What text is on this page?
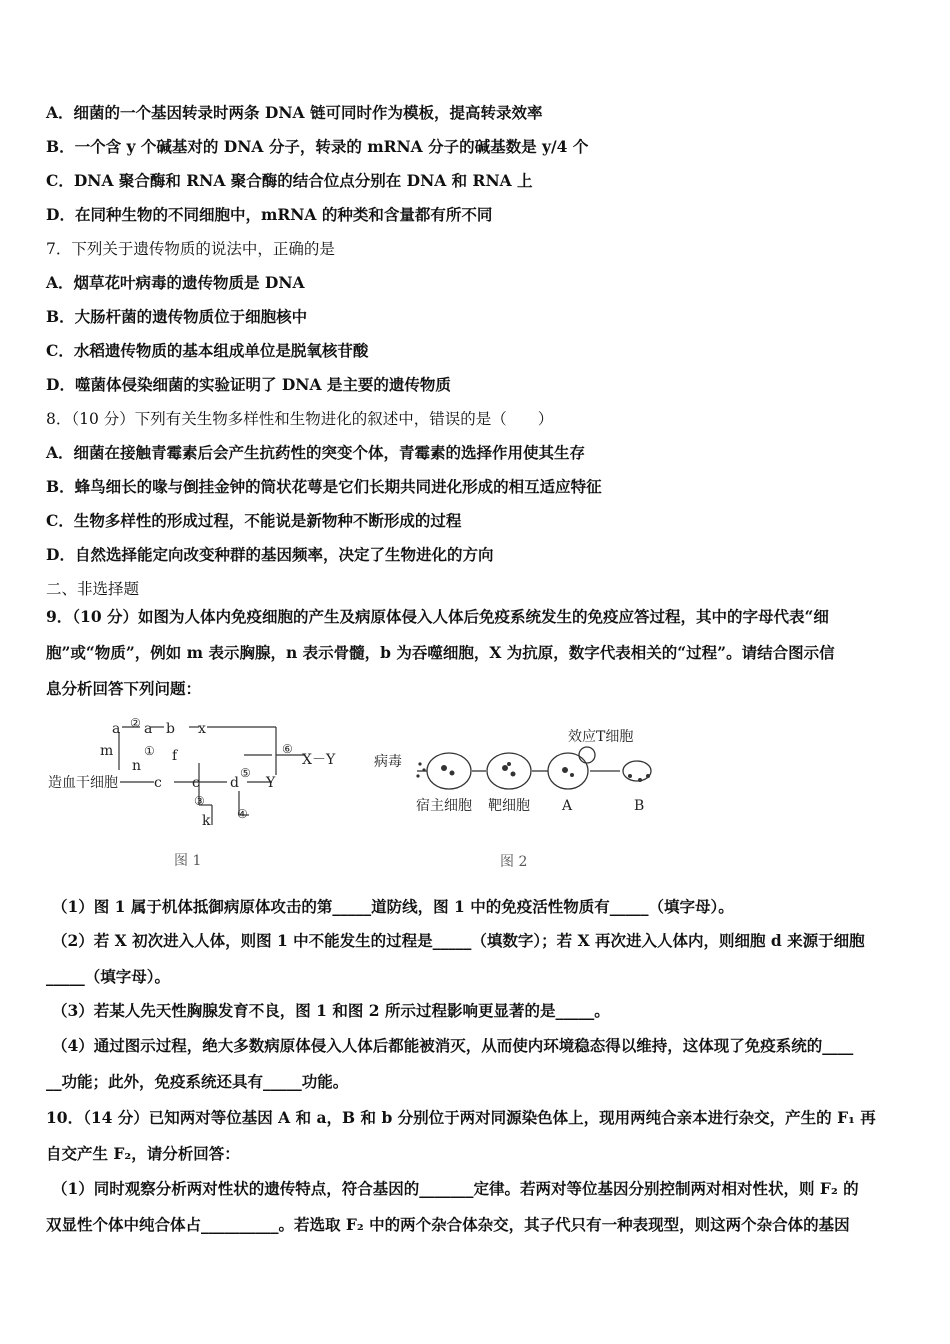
A．细菌的一个基因转录时两条 DNA 链可同时作为模板，提高转录效率
B．一个含 y 个碱基对的 DNA 分子，转录的 mRNA 分子的碱基数是 y/4 个
C．DNA 聚合酶和 RNA 聚合酶的结合位点分别在 DNA 和 RNA 上
D．在同种生物的不同细胞中，mRNA 的种类和含量都有所不同
7．下列关于遗传物质的说法中，正确的是
A．烟草花叶病毒的遗传物质是 DNA
B．大肠杆菌的遗传物质位于细胞核中
C．水稻遗传物质的基本组成单位是脱氧核苷酸
D．噬菌体侵染细菌的实验证明了 DNA 是主要的遗传物质
8．（10 分）下列有关生物多样性和生物进化的叙述中，错误的是（　　）
A．细菌在接触青霉素后会产生抗药性的突变个体，青霉素的选择作用使其生存
B．蜂鸟细长的喙与倒挂金钟的筒状花萼是它们长期共同进化形成的相互适应特征
C．生物多样性的形成过程，不能说是新物种不断形成的过程
D．自然选择能定向改变种群的基因频率，决定了生物进化的方向
二、非选择题
9．（10 分）如图为人体内免疫细胞的产生及病原体侵入人体后免疫系统发生的免疫应答过程，其中的字母代表“细
胞”或“物质”，例如 m 表示胸腺，n 表示骨髓，b 为吞噬细胞，X 为抗原，数字代表相关的“过程”。请结合图示信
息分析回答下列问题：
造血干细胞	c
n
m
a a b x
f
c d Y
k
X－Y
②
①
③
④
⑤
⑥
图 1
病毒
宿主细胞 靶细胞 A	B
效应T细胞
图 2
（1）图 1 属于机体抵御病原体攻击的第_____道防线，图 1 中的免疫活性物质有_____（填字母）。
（2）若 X 初次进入人体，则图 1 中不能发生的过程是_____（填数字）；若 X 再次进入人体内，则细胞 d 来源于细胞
_____（填字母）。
（3）若某人先天性胸腺发育不良，图 1 和图 2 所示过程影响更显著的是_____。
（4）通过图示过程，绝大多数病原体侵入人体后都能被消灭，从而使内环境稳态得以维持，这体现了免疫系统的____
__功能；此外，免疫系统还具有_____功能。
10．（14 分）已知两对等位基因 A 和 a，B 和 b 分别位于两对同源染色体上，现用两纯合亲本进行杂交，产生的 F₁ 再
自交产生 F₂，请分析回答：
（1）同时观察分析两对性状的遗传特点，符合基因的_______定律。若两对等位基因分别控制两对相对性状，则 F₂ 的
双显性个体中纯合体占__________。若选取 F₂ 中的两个杂合体杂交，其子代只有一种表现型，则这两个杂合体的基因
